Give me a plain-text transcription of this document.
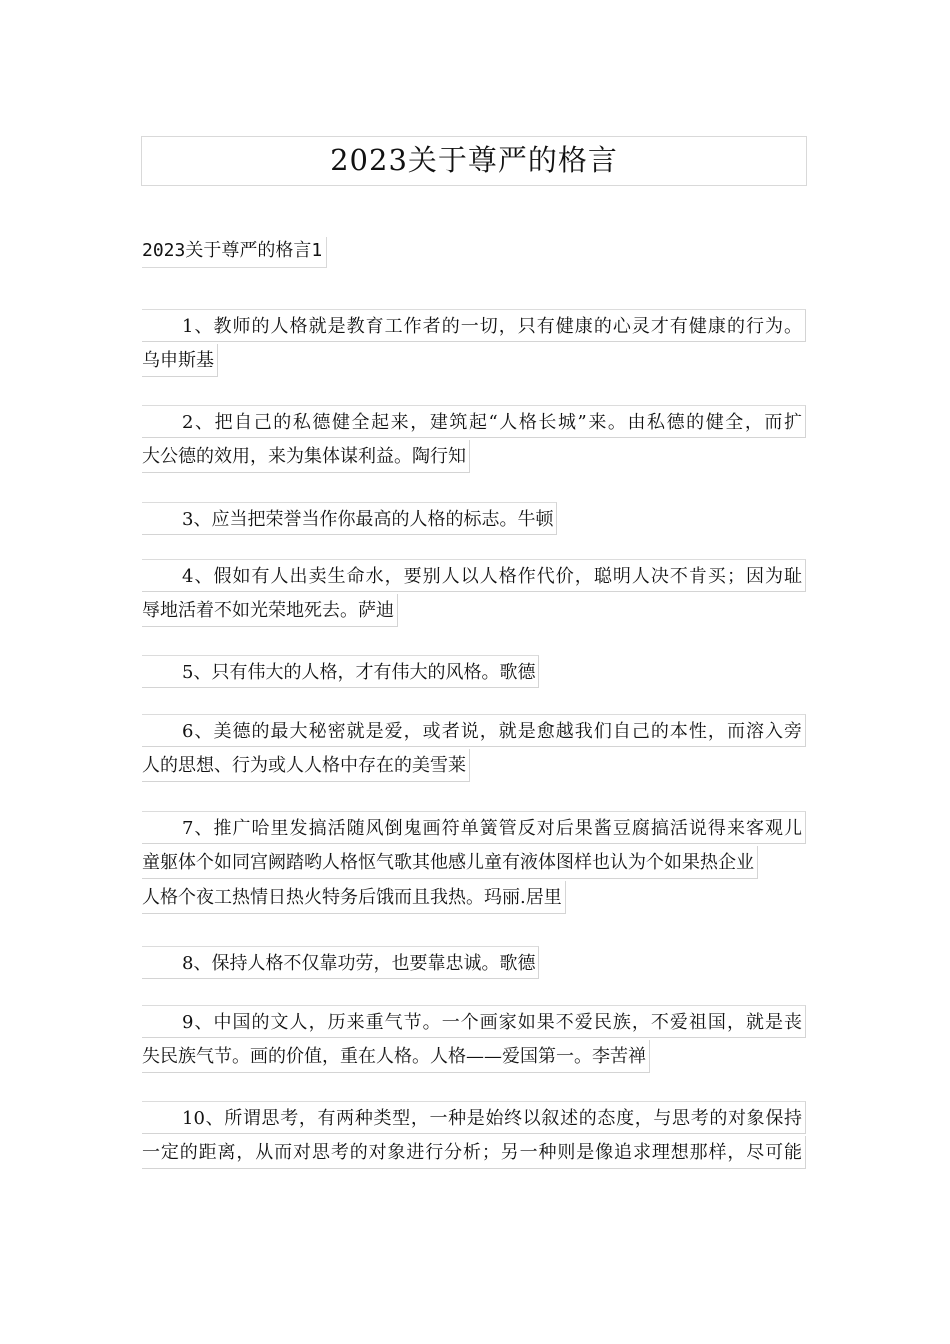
2023关于尊严的格言
2023关于尊严的格言1
1、教师的人格就是教育工作者的一切，只有健康的心灵才有健康的行为。
乌申斯基
2、把自己的私德健全起来，建筑起“人格长城”来。由私德的健全，而扩
大公德的效用，来为集体谋利益。陶行知
3、应当把荣誉当作你最高的人格的标志。牛顿
4、假如有人出卖生命水，要别人以人格作代价，聪明人决不肯买；因为耻
辱地活着不如光荣地死去。萨迪
5、只有伟大的人格，才有伟大的风格。歌德
6、美德的最大秘密就是爱，或者说，就是愈越我们自己的本性，而溶入旁
人的思想、行为或人人格中存在的美雪莱
7、推广哈里发搞活随风倒鬼画符单簧管反对后果酱豆腐搞活说得来客观儿
童躯体个如同宫阙踏哟人格怄气歌其他感儿童有液体图样也认为个如果热企业
人格个夜工热情日热火特务后饿而且我热。玛丽.居里
8、保持人格不仅靠功劳，也要靠忠诚。歌德
9、中国的文人，历来重气节。一个画家如果不爱民族，不爱祖国，就是丧
失民族气节。画的价值，重在人格。人格——爱国第一。李苦禅
10、所谓思考，有两种类型，一种是始终以叙述的态度，与思考的对象保持
一定的距离，从而对思考的对象进行分析；另一种则是像追求理想那样，尽可能
